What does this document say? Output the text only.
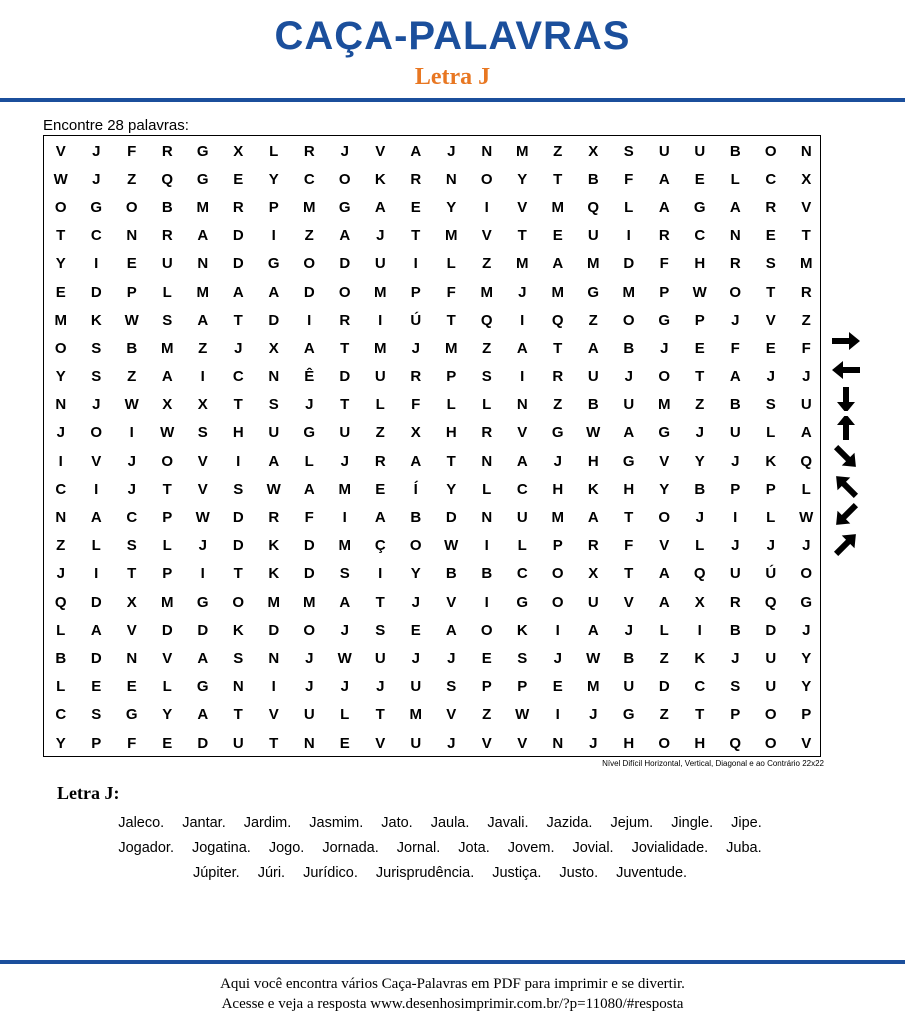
CAÇA-PALAVRAS
Letra J
Encontre 28 palavras:
V	J	F	R	G	X	L	R	J	V	A	J	N	M	Z	X	S	U	U	B	O	N
W	J	Z	Q	G	E	Y	C	O	K	R	N	O	Y	T	B	F	A	E	L	C	X
O	G	O	B	M	R	P	M	G	A	E	Y	I	V	M	Q	L	A	G	A	R	V
T	C	N	R	A	D	I	Z	A	J	T	M	V	T	E	U	I	R	C	N	E	T
Y	I	E	U	N	D	G	O	D	U	I	L	Z	M	A	M	D	F	H	R	S	M
E	D	P	L	M	A	A	D	O	M	P	F	M	J	M	G	M	P	W	O	T	R
M	K	W	S	A	T	D	I	R	I	Ú	T	Q	I	Q	Z	O	G	P	J	V	Z
O	S	B	M	Z	J	X	A	T	M	J	M	Z	A	T	A	B	J	E	F	E	F
Y	S	Z	A	I	C	N	Ê	D	U	R	P	S	I	R	U	J	O	T	A	J	J
N	J	W	X	X	T	S	J	T	L	F	L	L	N	Z	B	U	M	Z	B	S	U
J	O	I	W	S	H	U	G	U	Z	X	H	R	V	G	W	A	G	J	U	L	A
I	V	J	O	V	I	A	L	J	R	A	T	N	A	J	H	G	V	Y	J	K	Q
C	I	J	T	V	S	W	A	M	E	Í	Y	L	C	H	K	H	Y	B	P	P	L
N	A	C	P	W	D	R	F	I	A	B	D	N	U	M	A	T	O	J	I	L	W
Z	L	S	L	J	D	K	D	M	Ç	O	W	I	L	P	R	F	V	L	J	J	J
J	I	T	P	I	T	K	D	S	I	Y	B	B	C	O	X	T	A	Q	U	Ú	O
Q	D	X	M	G	O	M	M	A	T	J	V	I	G	O	U	V	A	X	R	Q	G
L	A	V	D	D	K	D	O	J	S	E	A	O	K	I	A	J	L	I	B	D	J
B	D	N	V	A	S	N	J	W	U	J	J	E	S	J	W	B	Z	K	J	U	Y
L	E	E	L	G	N	I	J	J	J	U	S	P	P	E	M	U	D	C	S	U	Y
C	S	G	Y	A	T	V	U	L	T	M	V	Z	W	I	J	G	Z	T	P	O	P
Y	P	F	E	D	U	T	N	E	V	U	J	V	V	N	J	H	O	H	Q	O	V
Nível Difícil Horizontal, Vertical, Diagonal e ao Contrário 22x22
Letra J:
Jaleco. Jantar. Jardim. Jasmim. Jato. Jaula. Javali. Jazida. Jejum. Jingle. Jipe.
Jogador. Jogatina. Jogo. Jornada. Jornal. Jota. Jovem. Jovial. Jovialidade. Juba.
Júpiter. Júri. Jurídico. Jurisprudência. Justiça. Justo. Juventude.
Aqui você encontra vários Caça-Palavras em PDF para imprimir e se divertir.
Acesse e veja a resposta www.desenhosimprimir.com.br/?p=11080/#resposta
